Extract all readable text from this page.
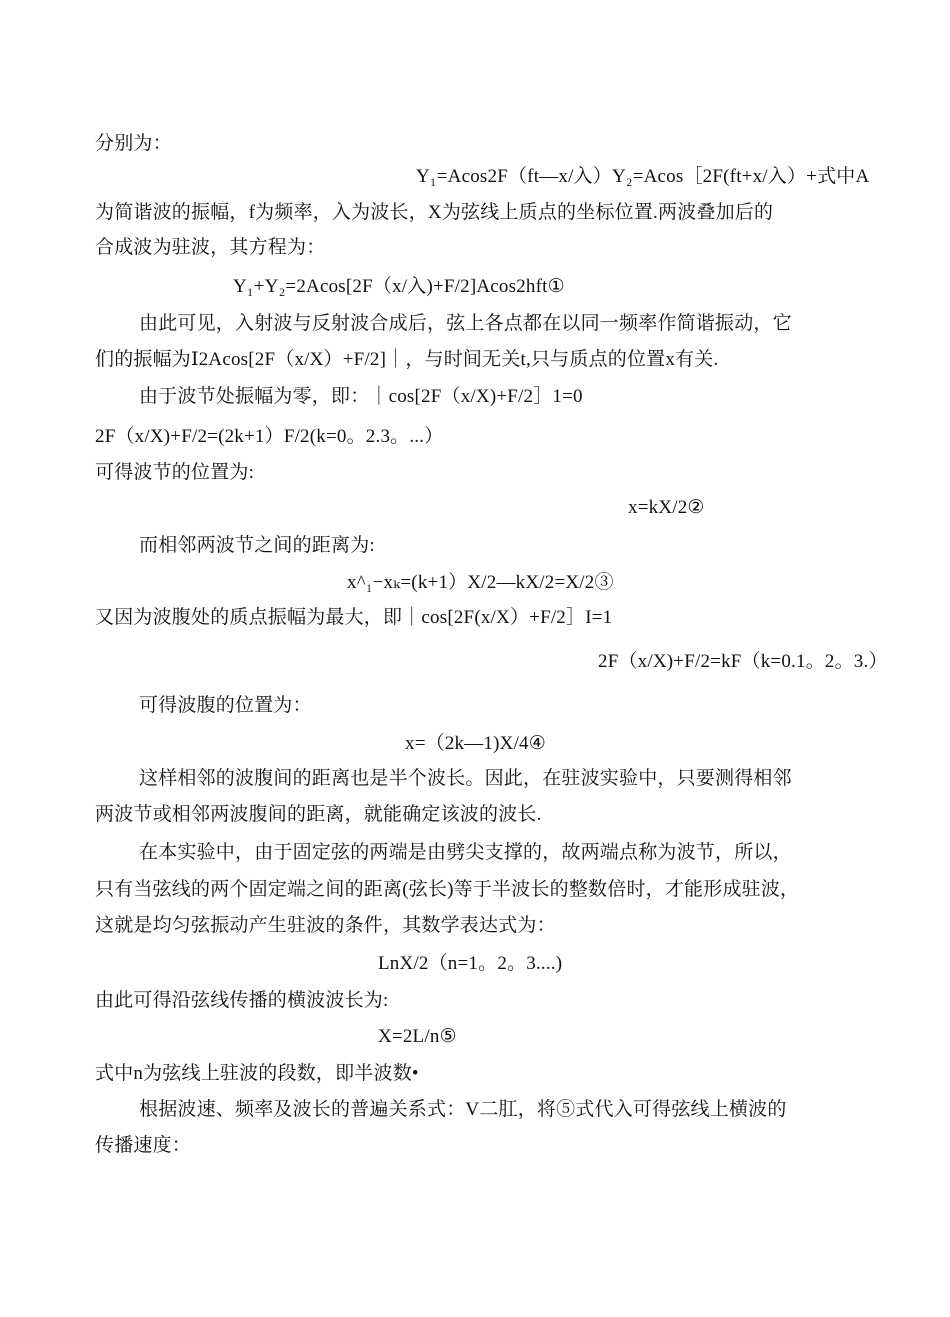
分别为：
Y₁=Acos2F（ft—x/入）Y₂=Acos［2F(ft+x/入）+式中A
为简谐波的振幅，f为频率，入为波长，X为弦线上质点的坐标位置.两波叠加后的
合成波为驻波，其方程为：
Y₁+Y₂=2Acos[2F（x/入)+F/2]Acos2hft①
由此可见，入射波与反射波合成后，弦上各点都在以同一频率作简谐振动，它
们的振幅为Ⅰ2Acos[2F（x/X）+F/2]｜，与时间无关t,只与质点的位置x有关.
由于波节处振幅为零，即：｜cos[2F（x/X)+F/2］1=0
2F（x/X)+F/2=(2k+1）F/2(k=0。2.3。...）
可得波节的位置为:
x=kX/2②
而相邻两波节之间的距离为:
x^₁−xₖ=(k+1）X/2—kX/2=X/2③
又因为波腹处的质点振幅为最大，即｜cos[2F(x/X）+F/2］Ι=1
2F（x/X)+F/2=kF（k=0.1。2。3.）
可得波腹的位置为：
x=（2k—1)X/4④
这样相邻的波腹间的距离也是半个波长。因此，在驻波实验中，只要测得相邻
两波节或相邻两波腹间的距离，就能确定该波的波长.
在本实验中，由于固定弦的两端是由劈尖支撑的，故两端点称为波节，所以，
只有当弦线的两个固定端之间的距离(弦长)等于半波长的整数倍时，才能形成驻波，
这就是均匀弦振动产生驻波的条件，其数学表达式为：
LnX/2（n=1。2。3....)
由此可得沿弦线传播的横波波长为:
X=2L/n⑤
式中n为弦线上驻波的段数，即半波数•
根据波速、频率及波长的普遍关系式：V二肛，将⑤式代入可得弦线上横波的
传播速度：
